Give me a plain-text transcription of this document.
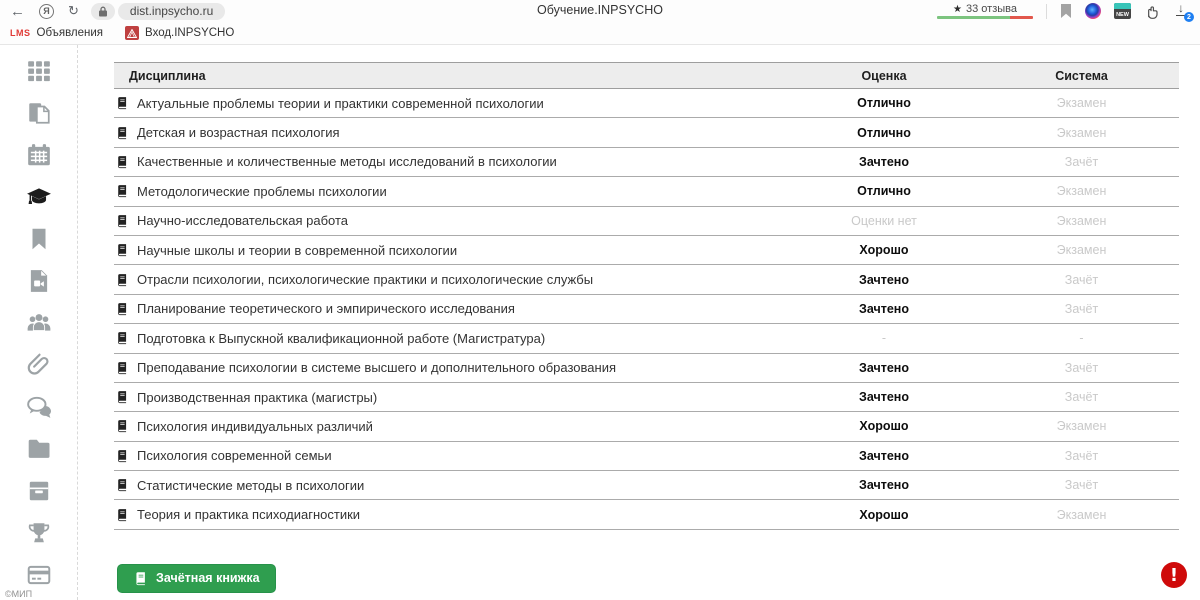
←	Я	↻	dist.inpsycho.ru	Обучение.INPSYCHO	★ 33 отзыва	NEW	↓
2
LMS Объявления	Вход.INPSYCHO
©МИП
Дисциплина	Оценка	Система
Актуальные проблемы теории и практики современной психологии	Отлично	Экзамен
Детская и возрастная психология	Отлично	Экзамен
Качественные и количественные методы исследований в психологии	Зачтено	Зачёт
Методологические проблемы психологии	Отлично	Экзамен
Научно-исследовательская работа	Оценки нет	Экзамен
Научные школы и теории в современной психологии	Хорошо	Экзамен
Отрасли психологии, психологические практики и психологические службы	Зачтено	Зачёт
Планирование теоретического и эмпирического исследования	Зачтено	Зачёт
Подготовка к Выпускной квалификационной работе (Магистратура)	-	-
Преподавание психологии в системе высшего и дополнительного образования	Зачтено	Зачёт
Производственная практика (магистры)	Зачтено	Зачёт
Психология индивидуальных различий	Хорошо	Экзамен
Психология современной семьи	Зачтено	Зачёт
Статистические методы в психологии	Зачтено	Зачёт
Теория и практика психодиагностики	Хорошо	Экзамен
Зачётная книжка	!
